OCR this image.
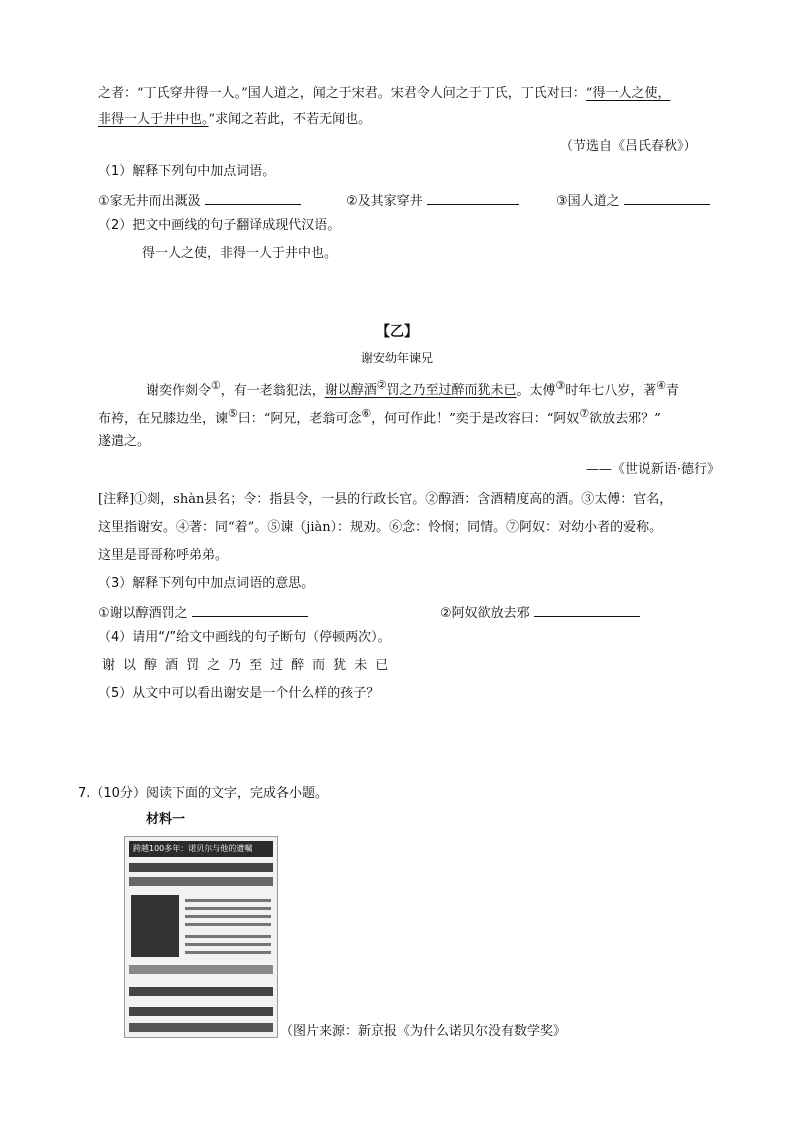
之者：“丁氏穿井得一人。”国人道之，闻之于宋君。宋君令人问之于丁氏，丁氏对曰：“得一人之使，
非得一人于井中也。”求闻之若此，不若无闻也。
（节选自《吕氏春秋》）
（1）解释下列句中加点词语。
①家无井而出溉汲	②及其家穿井	③国人道之
（2）把文中画线的句子翻译成现代汉语。
得一人之使，非得一人于井中也。
【乙】
谢安幼年谏兄
谢奕作剡令①，有一老翁犯法，谢以醇酒②罚之乃至过醉而犹未已。太傅③时年七八岁，著④青
布袴，在兄膝边坐，谏⑤曰：“阿兄，老翁可念⑥，何可作此！”奕于是改容曰：“阿奴⑦欲放去邪？”
遂遣之。
——《世说新语·德行》
[注释]①剡，shàn县名；令：指县令，一县的行政长官。②醇酒：含酒精度高的酒。③太傅：官名，
这里指谢安。④著：同“着”。⑤谏（jiàn）：规劝。⑥念：怜悯；同情。⑦阿奴：对幼小者的爱称。
这里是哥哥称呼弟弟。
（3）解释下列句中加点词语的意思。
①谢以醇酒罚之	②阿奴欲放去邪
（4）请用“/”给文中画线的句子断句（停顿两次）。
谢 以 醇 酒 罚 之 乃 至 过 醉 而 犹 未 已
（5）从文中可以看出谢安是一个什么样的孩子？
7.（10分）阅读下面的文字，完成各小题。
材料一
跨越100多年：诺贝尔与他的遗嘱
（图片来源：新京报《为什么诺贝尔没有数学奖》
